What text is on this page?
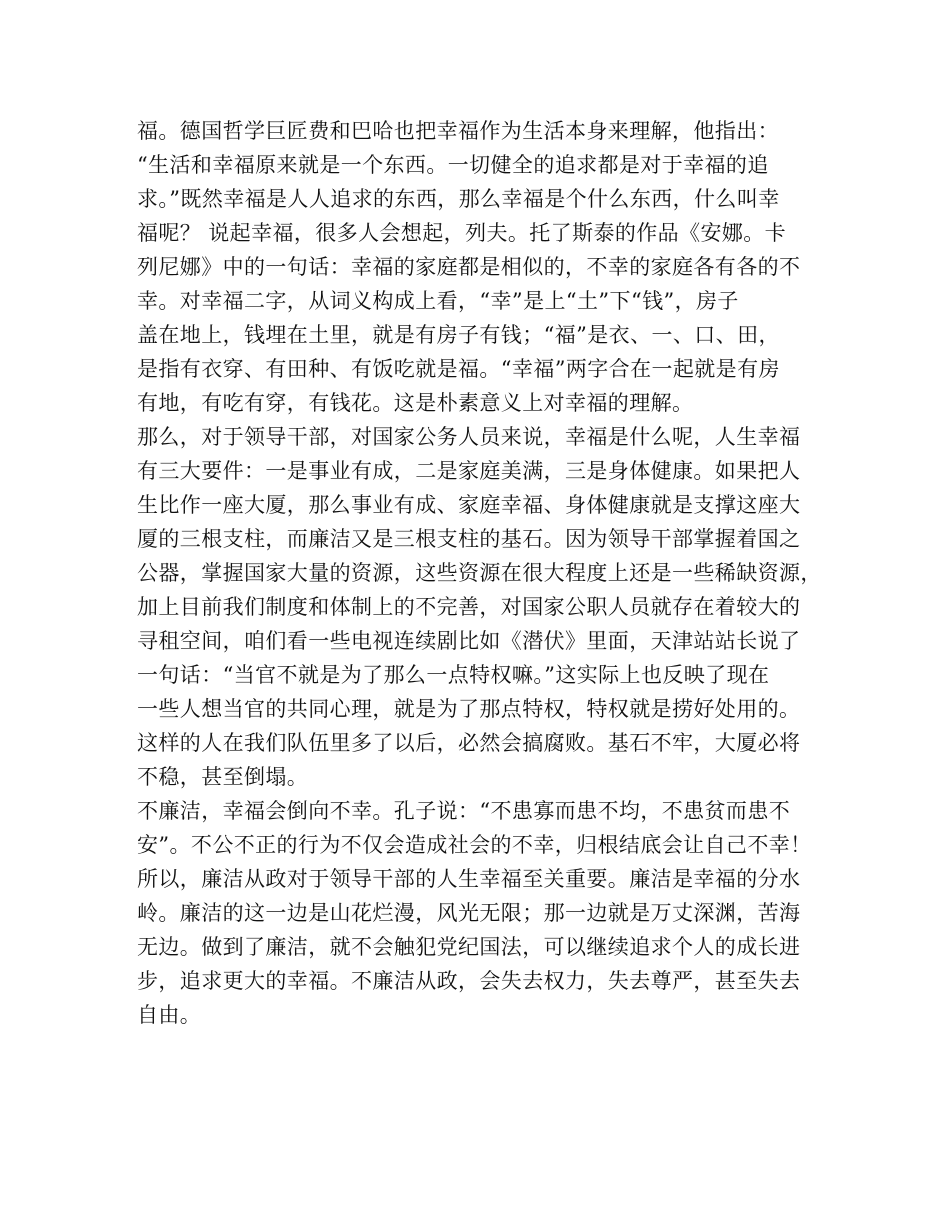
福。德国哲学巨匠费和巴哈也把幸福作为生活本身来理解，他指出：
“生活和幸福原来就是一个东西。一切健全的追求都是对于幸福的追
求。”既然幸福是人人追求的东西，那么幸福是个什么东西，什么叫幸
福呢？ 说起幸福，很多人会想起，列夫。托了斯泰的作品《安娜。卡
列尼娜》中的一句话：幸福的家庭都是相似的，不幸的家庭各有各的不
幸。对幸福二字，从词义构成上看，“幸”是上“土”下“钱”，房子
盖在地上，钱埋在土里，就是有房子有钱；“福”是衣、一、口、田，
是指有衣穿、有田种、有饭吃就是福。“幸福”两字合在一起就是有房
有地，有吃有穿，有钱花。这是朴素意义上对幸福的理解。
那么，对于领导干部，对国家公务人员来说，幸福是什么呢，人生幸福
有三大要件：一是事业有成，二是家庭美满，三是身体健康。如果把人
生比作一座大厦，那么事业有成、家庭幸福、身体健康就是支撑这座大
厦的三根支柱，而廉洁又是三根支柱的基石。因为领导干部掌握着国之
公器，掌握国家大量的资源，这些资源在很大程度上还是一些稀缺资源，
加上目前我们制度和体制上的不完善，对国家公职人员就存在着较大的
寻租空间，咱们看一些电视连续剧比如《潜伏》里面，天津站站长说了
一句话：“当官不就是为了那么一点特权嘛。”这实际上也反映了现在
一些人想当官的共同心理，就是为了那点特权，特权就是捞好处用的。
这样的人在我们队伍里多了以后，必然会搞腐败。基石不牢，大厦必将
不稳，甚至倒塌。
不廉洁，幸福会倒向不幸。孔子说：“不患寡而患不均，不患贫而患不
安”。不公不正的行为不仅会造成社会的不幸，归根结底会让自己不幸！
所以，廉洁从政对于领导干部的人生幸福至关重要。廉洁是幸福的分水
岭。廉洁的这一边是山花烂漫，风光无限；那一边就是万丈深渊，苦海
无边。做到了廉洁，就不会触犯党纪国法，可以继续追求个人的成长进
步，追求更大的幸福。不廉洁从政，会失去权力，失去尊严，甚至失去
自由。
